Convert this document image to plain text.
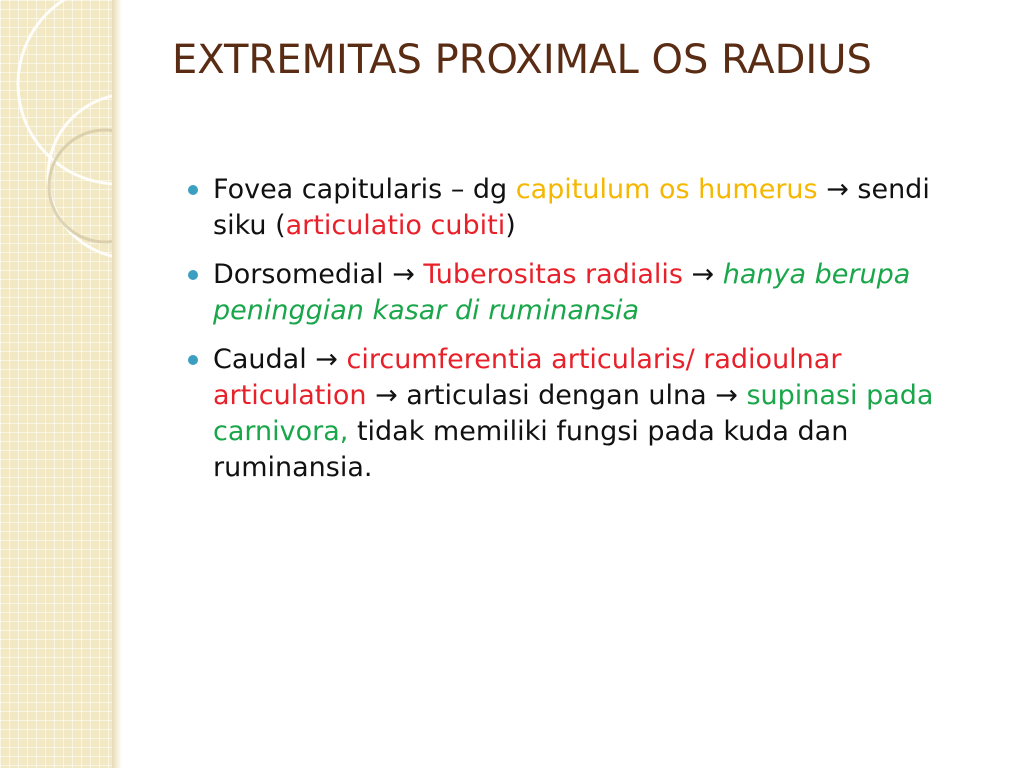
EXTREMITAS PROXIMAL OS RADIUS
Fovea capitularis – dg capitulum os humerus → sendi siku (articulatio cubiti)
Dorsomedial → Tuberositas radialis → hanya berupa peninggian kasar di ruminansia
Caudal → circumferentia articularis/ radioulnar articulation → articulasi dengan ulna → supinasi pada carnivora, tidak memiliki fungsi pada kuda dan ruminansia.
